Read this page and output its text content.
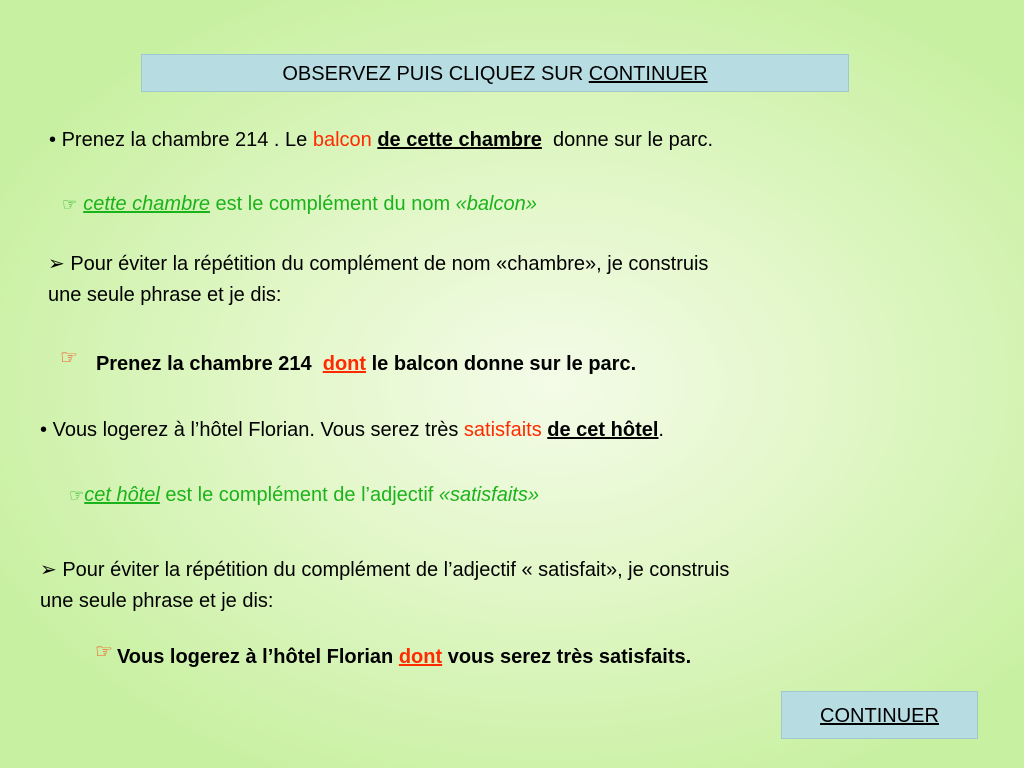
OBSERVEZ PUIS CLIQUEZ SUR CONTINUER
• Prenez la chambre 214 . Le balcon de cette chambre donne sur le parc.
☞ cette chambre est le complément du nom «balcon»
➢ Pour éviter la répétition du complément de nom «chambre», je construis
une seule phrase et je dis:
☞ Prenez la chambre 214 dont le balcon donne sur le parc.
• Vous logerez à l’hôtel Florian. Vous serez très satisfaits de cet hôtel.
☞cet hôtel est le complément de l’adjectif «satisfaits»
➢ Pour éviter la répétition du complément de l’adjectif « satisfait», je construis
une seule phrase et je dis:
☞ Vous logerez à l’hôtel Florian dont vous serez très satisfaits.
CONTINUER
